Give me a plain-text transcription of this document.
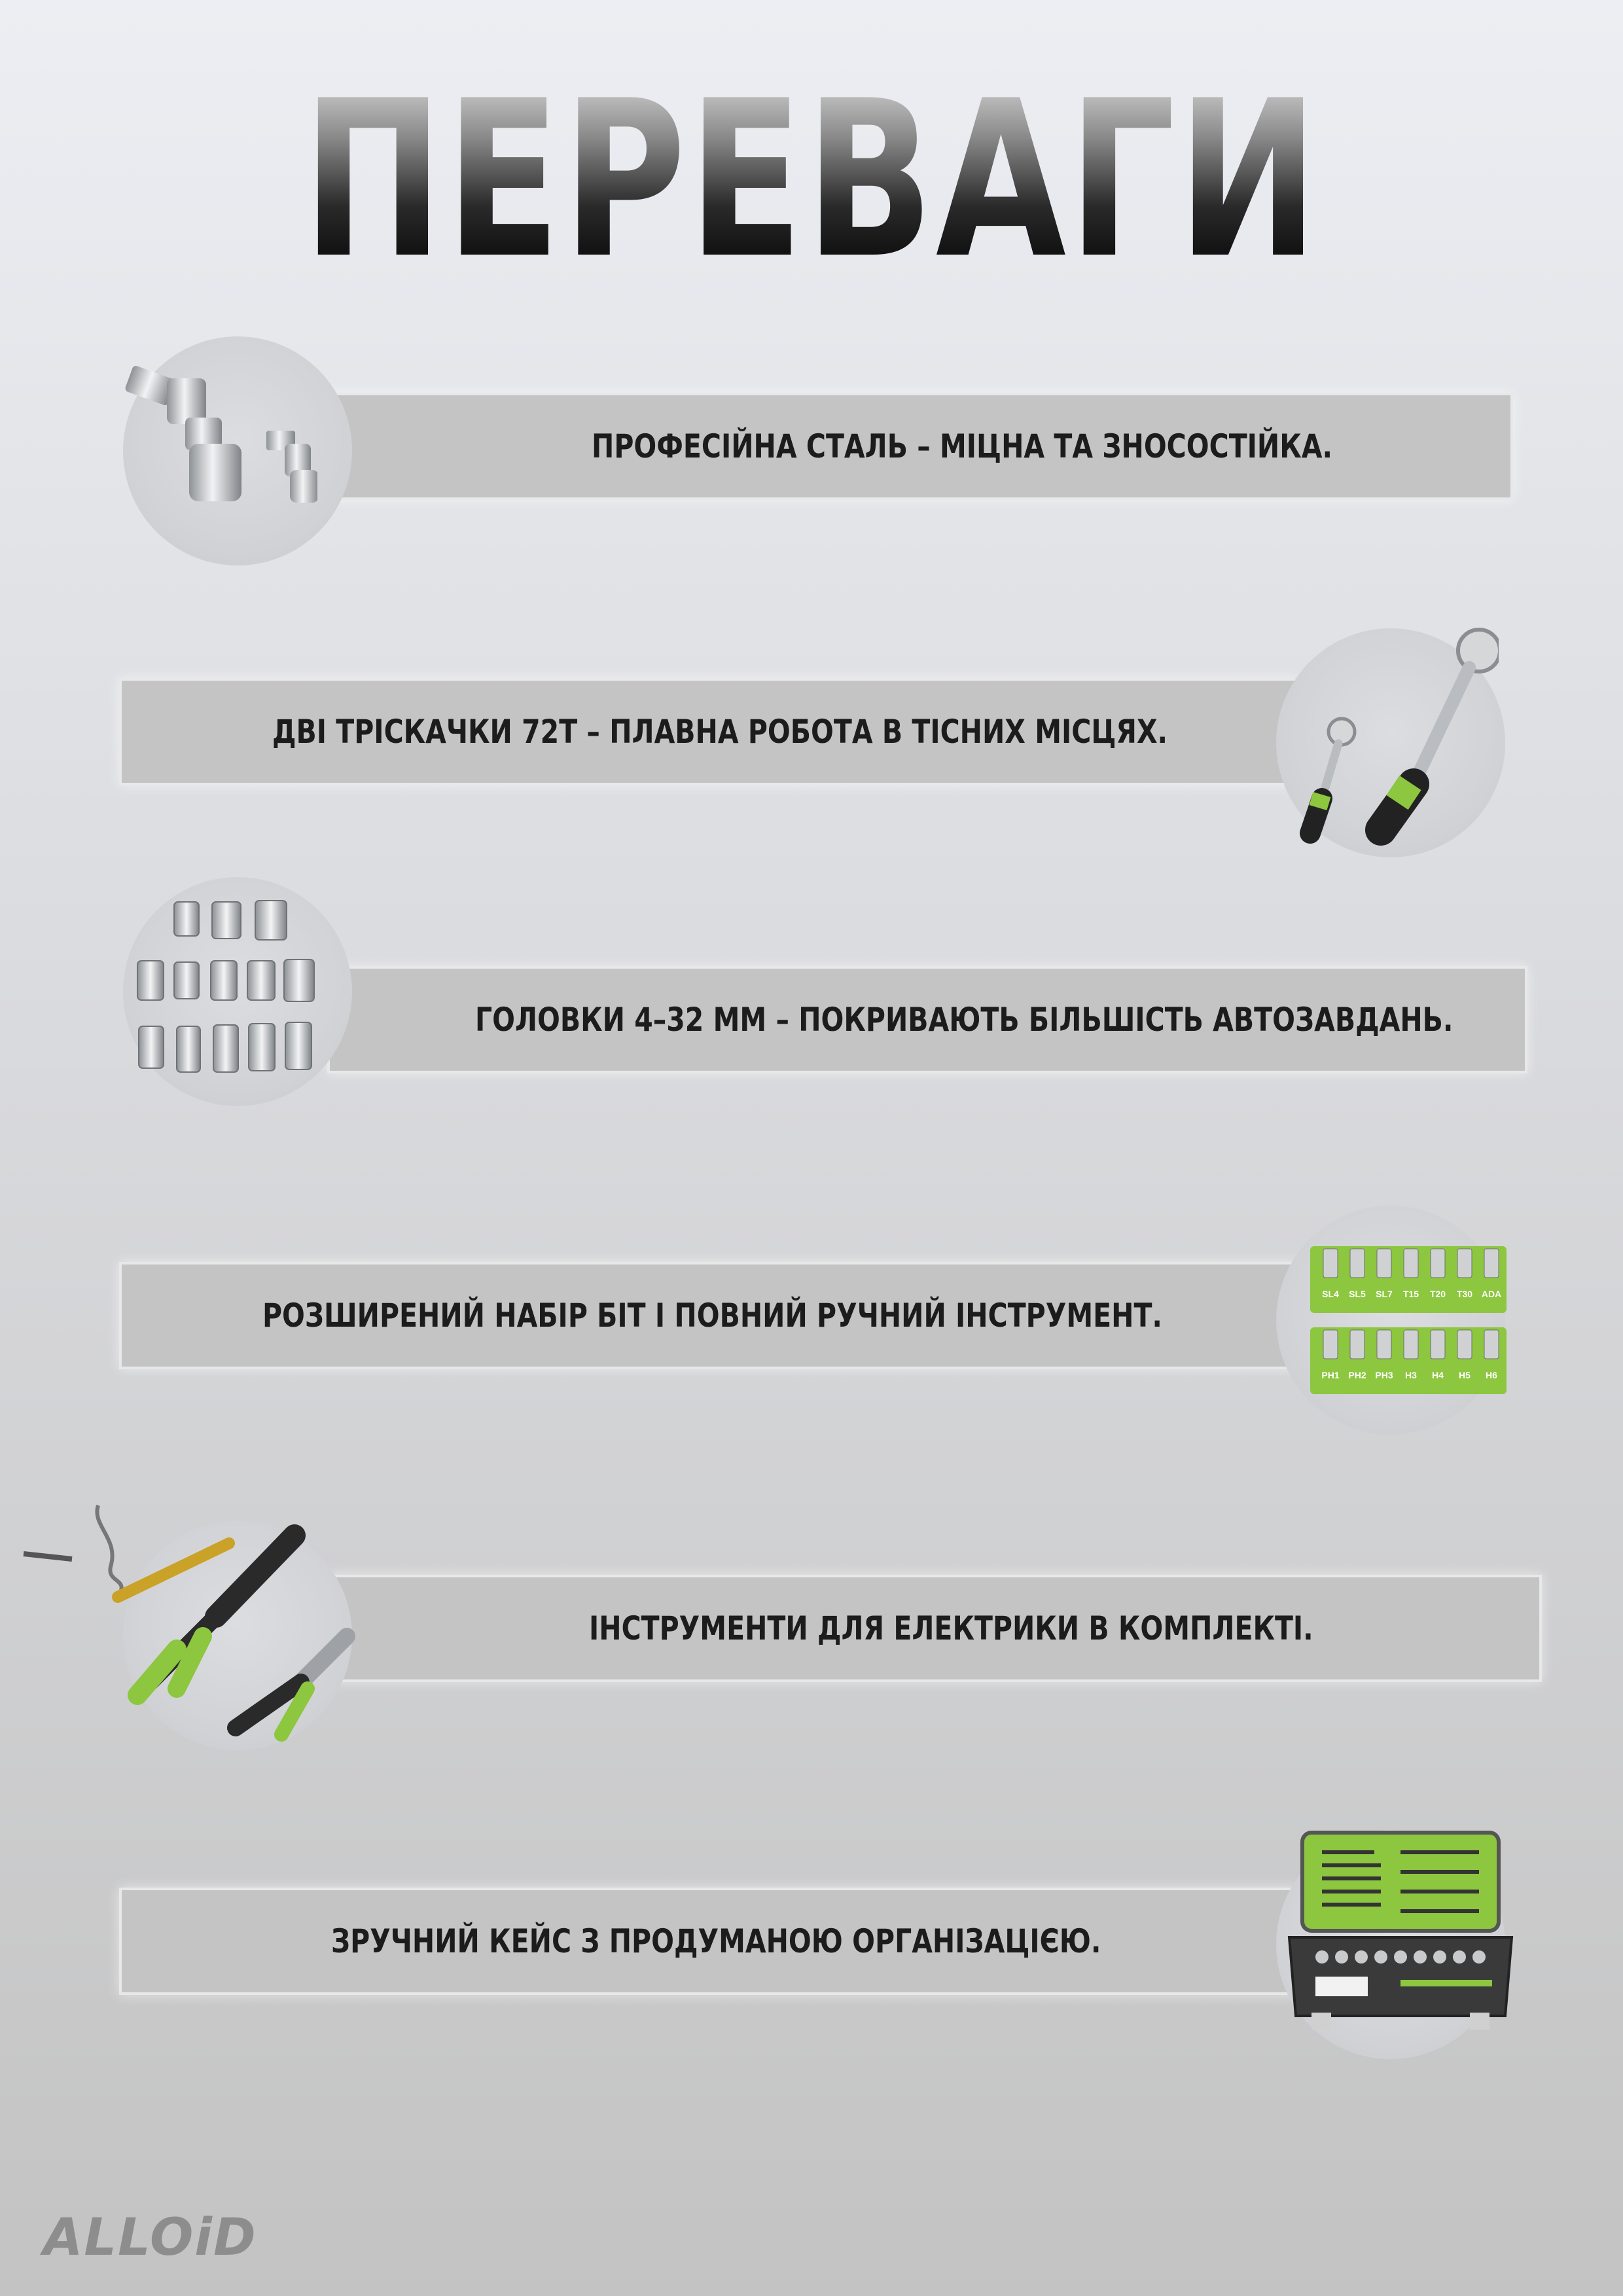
ПЕРЕВАГИ
ПРОФЕСІЙНА СТАЛЬ – МІЦНА ТА ЗНОСОСТІЙКА.
ДВІ ТРІСКАЧКИ 72Т – ПЛАВНА РОБОТА В ТІСНИХ МІСЦЯХ.
ГОЛОВКИ 4–32 ММ – ПОКРИВАЮТЬ БІЛЬШІСТЬ АВТОЗАВДАНЬ.
РОЗШИРЕНИЙ НАБІР БІТ І ПОВНИЙ РУЧНИЙ ІНСТРУМЕНТ.
SL4 SL5 SL7 T15 T20 T30 ADA
PH1 PH2 PH3 H3 H4 H5 H6
ІНСТРУМЕНТИ ДЛЯ ЕЛЕКТРИКИ В КОМПЛЕКТІ.
ЗРУЧНИЙ КЕЙС З ПРОДУМАНОЮ ОРГАНІЗАЦІЄЮ.
ALLOiD
